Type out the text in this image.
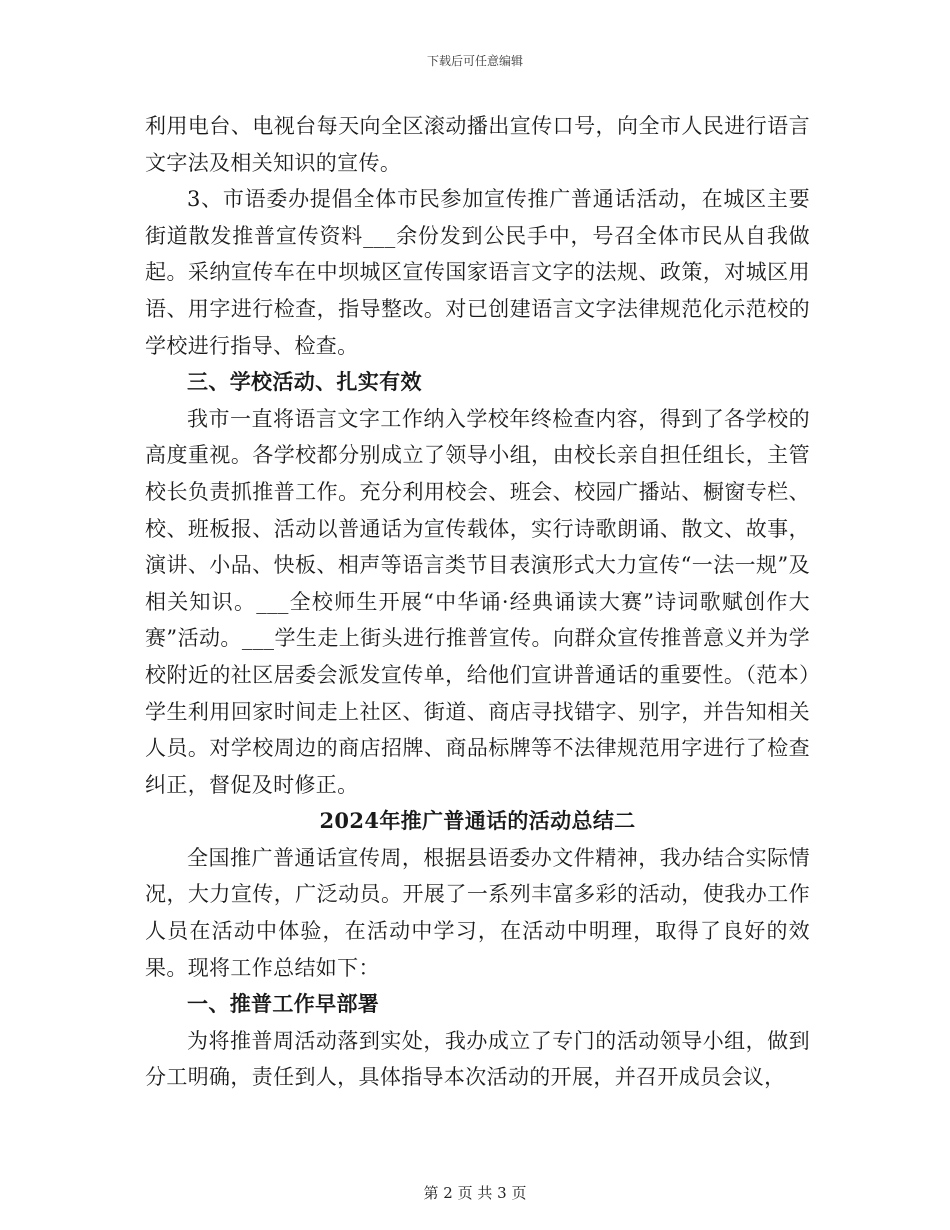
下载后可任意编辑

利用电台、电视台每天向全区滚动播出宣传口号，向全市人民进行语言文字法及相关知识的宣传。

3、市语委办提倡全体市民参加宣传推广普通话活动，在城区主要街道散发推普宣传资料___余份发到公民手中，号召全体市民从自我做起。采纳宣传车在中坝城区宣传国家语言文字的法规、政策，对城区用语、用字进行检查，指导整改。对已创建语言文字法律规范化示范校的学校进行指导、检查。

三、学校活动、扎实有效

我市一直将语言文字工作纳入学校年终检查内容，得到了各学校的高度重视。各学校都分别成立了领导小组，由校长亲自担任组长，主管校长负责抓推普工作。充分利用校会、班会、校园广播站、橱窗专栏、校、班板报、活动以普通话为宣传载体，实行诗歌朗诵、散文、故事，演讲、小品、快板、相声等语言类节目表演形式大力宣传“一法一规”及相关知识。___全校师生开展“中华诵·经典诵读大赛”诗词歌赋创作大赛”活动。___学生走上街头进行推普宣传。向群众宣传推普意义并为学校附近的社区居委会派发宣传单，给他们宣讲普通话的重要性。（范本）学生利用回家时间走上社区、街道、商店寻找错字、别字，并告知相关人员。对学校周边的商店招牌、商品标牌等不法律规范用字进行了检查纠正，督促及时修正。

2024年推广普通话的活动总结二

全国推广普通话宣传周，根据县语委办文件精神，我办结合实际情况，大力宣传，广泛动员。开展了一系列丰富多彩的活动，使我办工作人员在活动中体验，在活动中学习，在活动中明理，取得了良好的效果。现将工作总结如下：

一、推普工作早部署

为将推普周活动落到实处，我办成立了专门的活动领导小组，做到分工明确，责任到人，具体指导本次活动的开展，并召开成员会议，

第 2 页 共 3 页
